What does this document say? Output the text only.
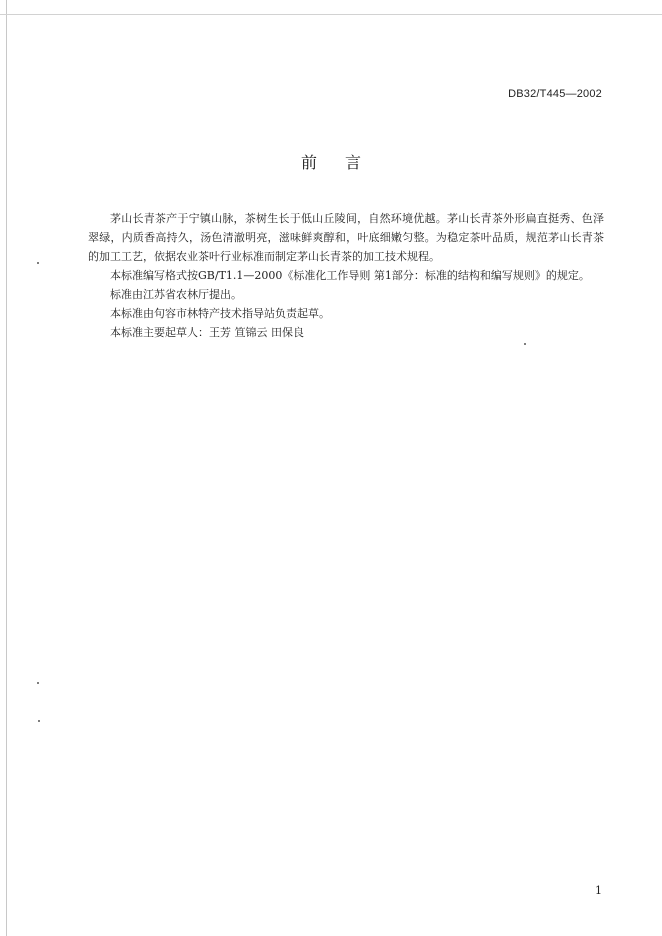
DB32/T445—2002
前言

茅山长青茶产于宁镇山脉，茶树生长于低山丘陵间，自然环境优越。茅山长青茶外形扁直挺秀、色泽翠绿，内质香高持久，汤色清澈明亮，滋味鲜爽醇和，叶底细嫩匀整。为稳定茶叶品质，规范茅山长青茶的加工工艺，依据农业茶叶行业标准而制定茅山长青茶的加工技术规程。

本标准编写格式按GB/T1.1—2000《标准化工作导则 第1部分：标准的结构和编写规则》的规定。

标准由江苏省农林厅提出。

本标准由句容市林特产技术指导站负责起草。

本标准主要起草人：王芳 笪锦云 田保良

1
